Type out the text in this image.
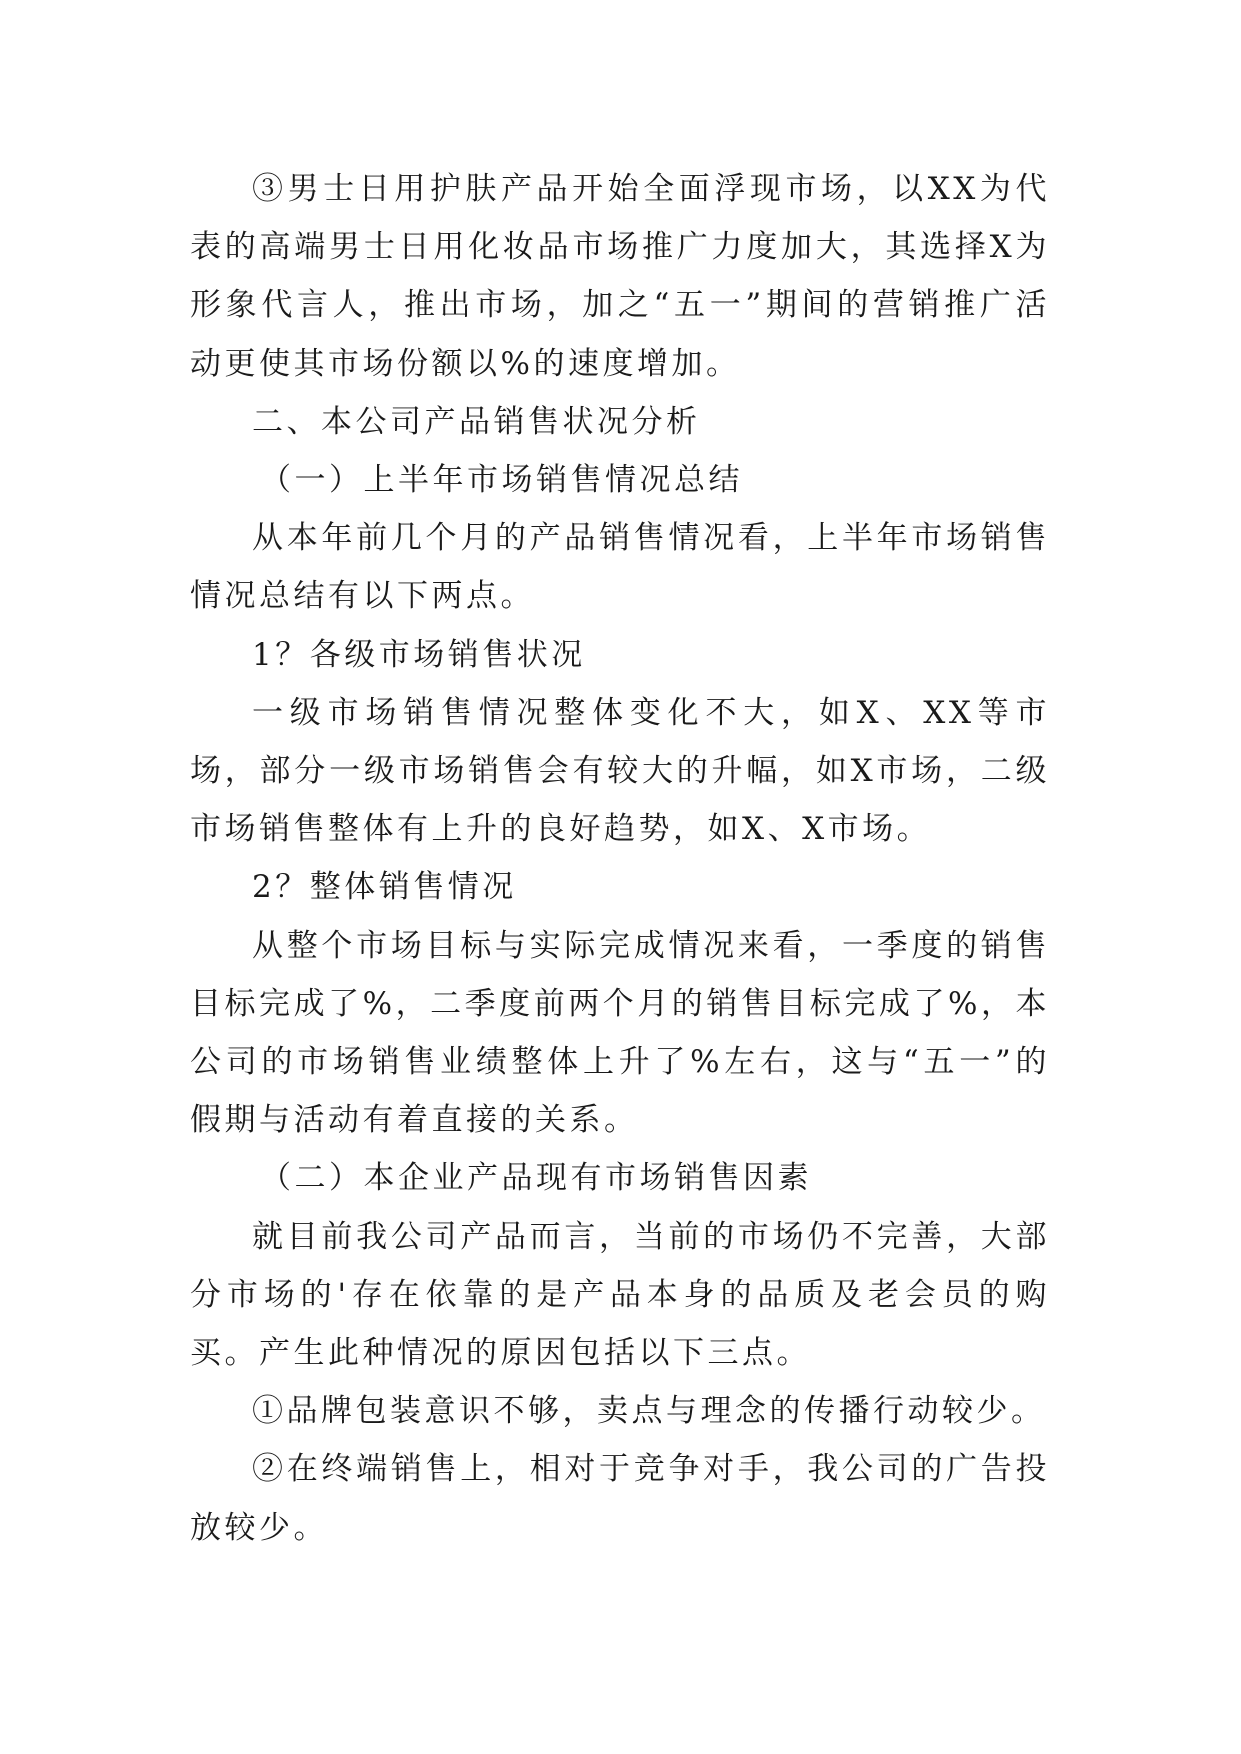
③男士日用护肤产品开始全面浮现市场，以XX为代表的高端男士日用化妆品市场推广力度加大，其选择X为形象代言人，推出市场，加之“五一”期间的营销推广活动更使其市场份额以%的速度增加。

二、本公司产品销售状况分析

（一）上半年市场销售情况总结

从本年前几个月的产品销售情况看，上半年市场销售情况总结有以下两点。

1？各级市场销售状况

一级市场销售情况整体变化不大，如X、XX等市场，部分一级市场销售会有较大的升幅，如X市场，二级市场销售整体有上升的良好趋势，如X、X市场。

2？整体销售情况

从整个市场目标与实际完成情况来看，一季度的销售目标完成了%，二季度前两个月的销售目标完成了%，本公司的市场销售业绩整体上升了%左右，这与“五一”的假期与活动有着直接的关系。

（二）本企业产品现有市场销售因素

就目前我公司产品而言，当前的市场仍不完善，大部分市场的'存在依靠的是产品本身的品质及老会员的购买。产生此种情况的原因包括以下三点。

①品牌包装意识不够，卖点与理念的传播行动较少。

②在终端销售上，相对于竞争对手，我公司的广告投放较少。
